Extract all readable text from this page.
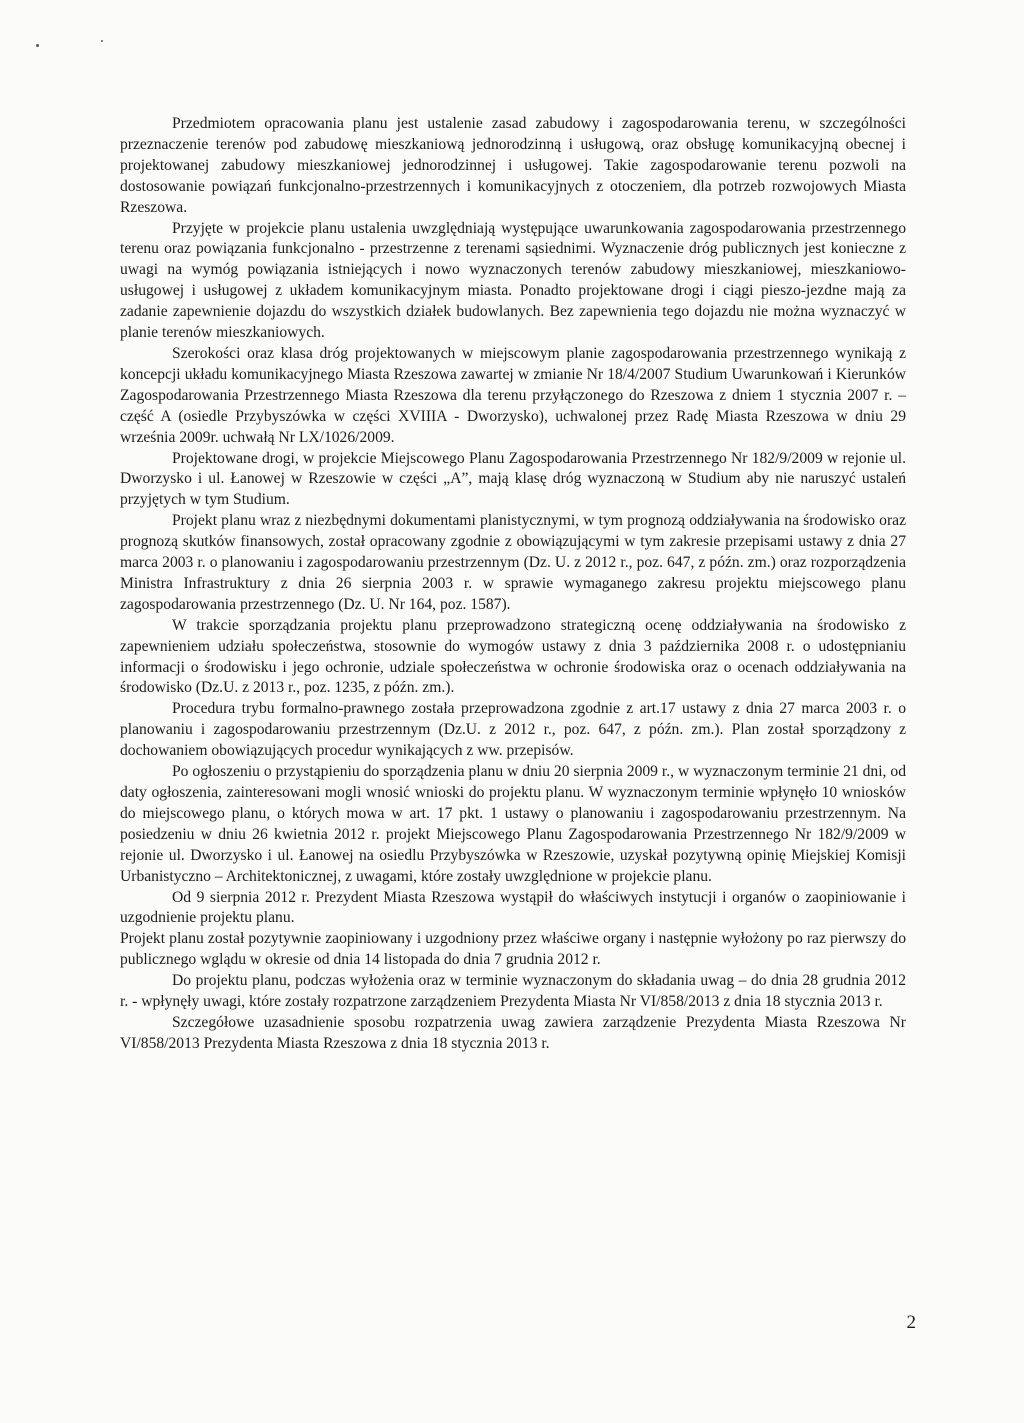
Przedmiotem opracowania planu jest ustalenie zasad zabudowy i zagospodarowania terenu, w szczególności przeznaczenie terenów pod zabudowę mieszkaniową jednorodzinną i usługową, oraz obsługę komunikacyjną obecnej i projektowanej zabudowy mieszkaniowej jednorodzinnej i usługowej. Takie zagospodarowanie terenu pozwoli na dostosowanie powiązań funkcjonalno-przestrzennych i komunikacyjnych z otoczeniem, dla potrzeb rozwojowych Miasta Rzeszowa.

Przyjęte w projekcie planu ustalenia uwzględniają występujące uwarunkowania zagospodarowania przestrzennego terenu oraz powiązania funkcjonalno - przestrzenne z terenami sąsiednimi. Wyznaczenie dróg publicznych jest konieczne z uwagi na wymóg powiązania istniejących i nowo wyznaczonych terenów zabudowy mieszkaniowej, mieszkaniowo-usługowej i usługowej z układem komunikacyjnym miasta. Ponadto projektowane drogi i ciągi pieszo-jezdne mają za zadanie zapewnienie dojazdu do wszystkich działek budowlanych. Bez zapewnienia tego dojazdu nie można wyznaczyć w planie terenów mieszkaniowych.

Szerokości oraz klasa dróg projektowanych w miejscowym planie zagospodarowania przestrzennego wynikają z koncepcji układu komunikacyjnego Miasta Rzeszowa zawartej w zmianie Nr 18/4/2007 Studium Uwarunkowań i Kierunków Zagospodarowania Przestrzennego Miasta Rzeszowa dla terenu przyłączonego do Rzeszowa z dniem 1 stycznia 2007 r. – część A (osiedle Przybyszówka w części XVIIIA - Dworzysko), uchwalonej przez Radę Miasta Rzeszowa w dniu 29 września 2009r. uchwałą Nr LX/1026/2009.

Projektowane drogi, w projekcie Miejscowego Planu Zagospodarowania Przestrzennego Nr 182/9/2009 w rejonie ul. Dworzysko i ul. Łanowej w Rzeszowie w części „A”, mają klasę dróg wyznaczoną w Studium aby nie naruszyć ustaleń przyjętych w tym Studium.

Projekt planu wraz z niezbędnymi dokumentami planistycznymi, w tym prognozą oddziaływania na środowisko oraz prognozą skutków finansowych, został opracowany zgodnie z obowiązującymi w tym zakresie przepisami ustawy z dnia 27 marca 2003 r. o planowaniu i zagospodarowaniu przestrzennym (Dz. U. z 2012 r., poz. 647, z późn. zm.) oraz rozporządzenia Ministra Infrastruktury z dnia 26 sierpnia 2003 r. w sprawie wymaganego zakresu projektu miejscowego planu zagospodarowania przestrzennego (Dz. U. Nr 164, poz. 1587).

W trakcie sporządzania projektu planu przeprowadzono strategiczną ocenę oddziaływania na środowisko z zapewnieniem udziału społeczeństwa, stosownie do wymogów ustawy z dnia 3 października 2008 r. o udostępnianiu informacji o środowisku i jego ochronie, udziale społeczeństwa w ochronie środowiska oraz o ocenach oddziaływania na środowisko (Dz.U. z 2013 r., poz. 1235, z późn. zm.).

Procedura trybu formalno-prawnego została przeprowadzona zgodnie z art.17 ustawy z dnia 27 marca 2003 r. o planowaniu i zagospodarowaniu przestrzennym (Dz.U. z 2012 r., poz. 647, z późn. zm.). Plan został sporządzony z dochowaniem obowiązujących procedur wynikających z ww. przepisów.

Po ogłoszeniu o przystąpieniu do sporządzenia planu w dniu 20 sierpnia 2009 r., w wyznaczonym terminie 21 dni, od daty ogłoszenia, zainteresowani mogli wnosić wnioski do projektu planu. W wyznaczonym terminie wpłynęło 10 wniosków do miejscowego planu, o których mowa w art. 17 pkt. 1 ustawy o planowaniu i zagospodarowaniu przestrzennym. Na posiedzeniu w dniu 26 kwietnia 2012 r. projekt Miejscowego Planu Zagospodarowania Przestrzennego Nr 182/9/2009 w rejonie ul. Dworzysko i ul. Łanowej na osiedlu Przybyszówka w Rzeszowie, uzyskał pozytywną opinię Miejskiej Komisji Urbanistyczno – Architektonicznej, z uwagami, które zostały uwzględnione w projekcie planu.

Od 9 sierpnia 2012 r. Prezydent Miasta Rzeszowa wystąpił do właściwych instytucji i organów o zaopiniowanie i uzgodnienie projektu planu.

Projekt planu został pozytywnie zaopiniowany i uzgodniony przez właściwe organy i następnie wyłożony po raz pierwszy do publicznego wglądu w okresie od dnia 14 listopada do dnia 7 grudnia 2012 r.

Do projektu planu, podczas wyłożenia oraz w terminie wyznaczonym do składania uwag – do dnia 28 grudnia 2012 r. - wpłynęły uwagi, które zostały rozpatrzone zarządzeniem Prezydenta Miasta Nr VI/858/2013 z dnia 18 stycznia 2013 r.

Szczegółowe uzasadnienie sposobu rozpatrzenia uwag zawiera zarządzenie Prezydenta Miasta Rzeszowa Nr VI/858/2013 Prezydenta Miasta Rzeszowa z dnia 18 stycznia 2013 r.

2
